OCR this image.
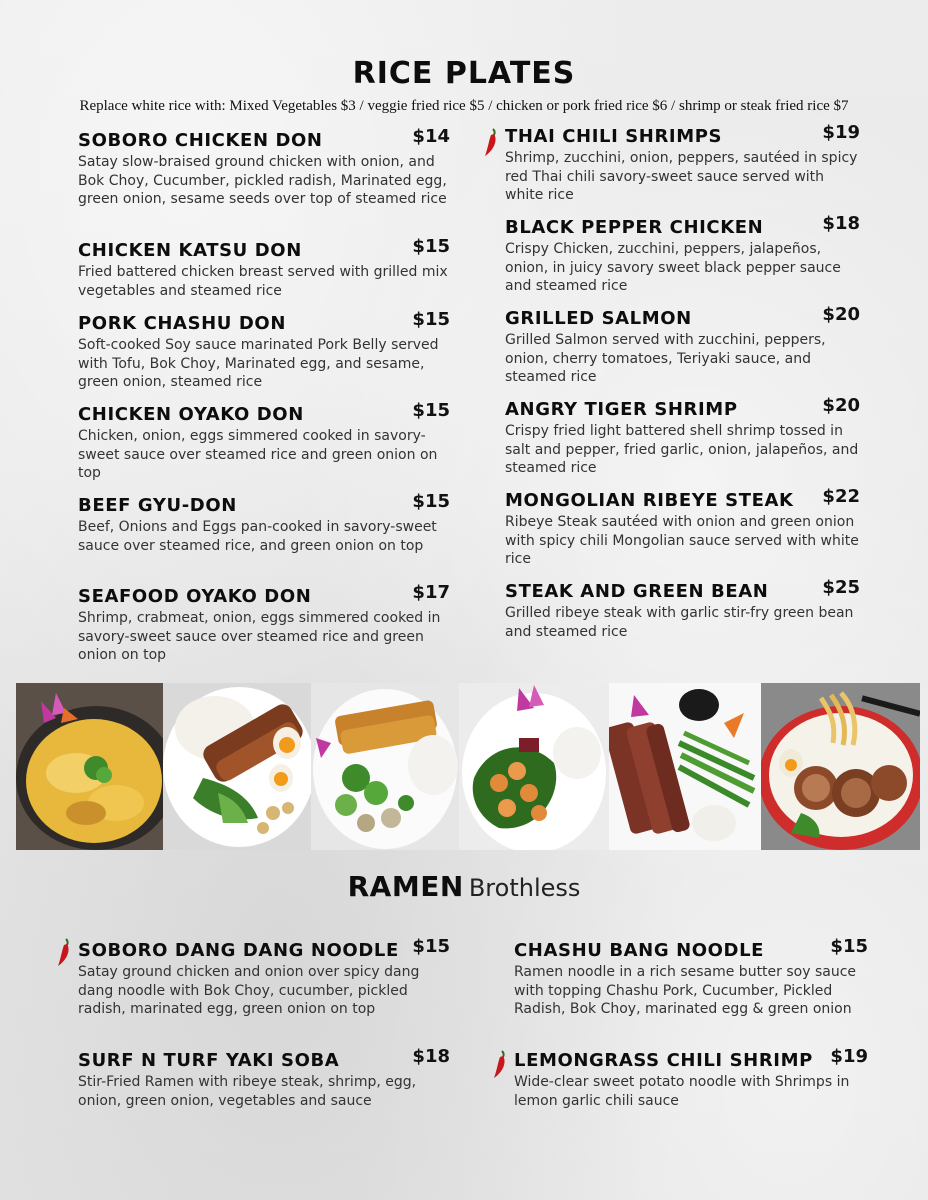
RICE PLATES
Replace white rice with: Mixed Vegetables $3 / veggie fried rice $5 / chicken or pork fried rice $6 / shrimp or steak fried rice $7
SOBORO CHICKEN DON	$14
Satay slow-braised ground chicken with onion, and Bok Choy, Cucumber, pickled radish, Marinated egg, green onion, sesame seeds over top of steamed rice
CHICKEN KATSU DON	$15
Fried battered chicken breast served with grilled mix vegetables and steamed rice
PORK CHASHU DON	$15
Soft-cooked Soy sauce marinated Pork Belly served with Tofu, Bok Choy, Marinated egg, and sesame, green onion, steamed rice
CHICKEN OYAKO DON	$15
Chicken, onion, eggs simmered cooked in savory-sweet sauce over steamed rice and green onion on top
BEEF GYU-DON	$15
Beef, Onions and Eggs pan-cooked in savory-sweet sauce over steamed rice, and green onion on top
SEAFOOD OYAKO DON	$17
Shrimp, crabmeat, onion, eggs simmered cooked in savory-sweet sauce over steamed rice and green onion on top
THAI CHILI SHRIMPS	$19
Shrimp, zucchini, onion, peppers, sautéed in spicy red Thai chili savory-sweet sauce served with white rice
BLACK PEPPER CHICKEN	$18
Crispy Chicken, zucchini, peppers, jalapeños, onion, in juicy savory sweet black pepper sauce and steamed rice
GRILLED SALMON	$20
Grilled Salmon served with zucchini, peppers, onion, cherry tomatoes, Teriyaki sauce, and steamed rice
ANGRY TIGER SHRIMP	$20
Crispy fried light battered shell shrimp tossed in salt and pepper, fried garlic, onion, jalapeños, and steamed rice
MONGOLIAN RIBEYE STEAK	$22
Ribeye Steak sautéed with onion and green onion with spicy chili Mongolian sauce served with white rice
STEAK AND GREEN BEAN	$25
Grilled ribeye steak with garlic stir-fry green bean and steamed rice
RAMEN Brothless
SOBORO DANG DANG NOODLE $15
Satay ground chicken and onion over spicy dang dang noodle with Bok Choy, cucumber, pickled radish, marinated egg, green onion on top
SURF N TURF YAKI SOBA	$18
Stir-Fried Ramen with ribeye steak, shrimp, egg, onion, green onion, vegetables and sauce
CHASHU BANG NOODLE	$15
Ramen noodle in a rich sesame butter soy sauce with topping Chashu Pork, Cucumber, Pickled Radish, Bok Choy, marinated egg & green onion
LEMONGRASS CHILI SHRIMP $19
Wide-clear sweet potato noodle with Shrimps in lemon garlic chili sauce
